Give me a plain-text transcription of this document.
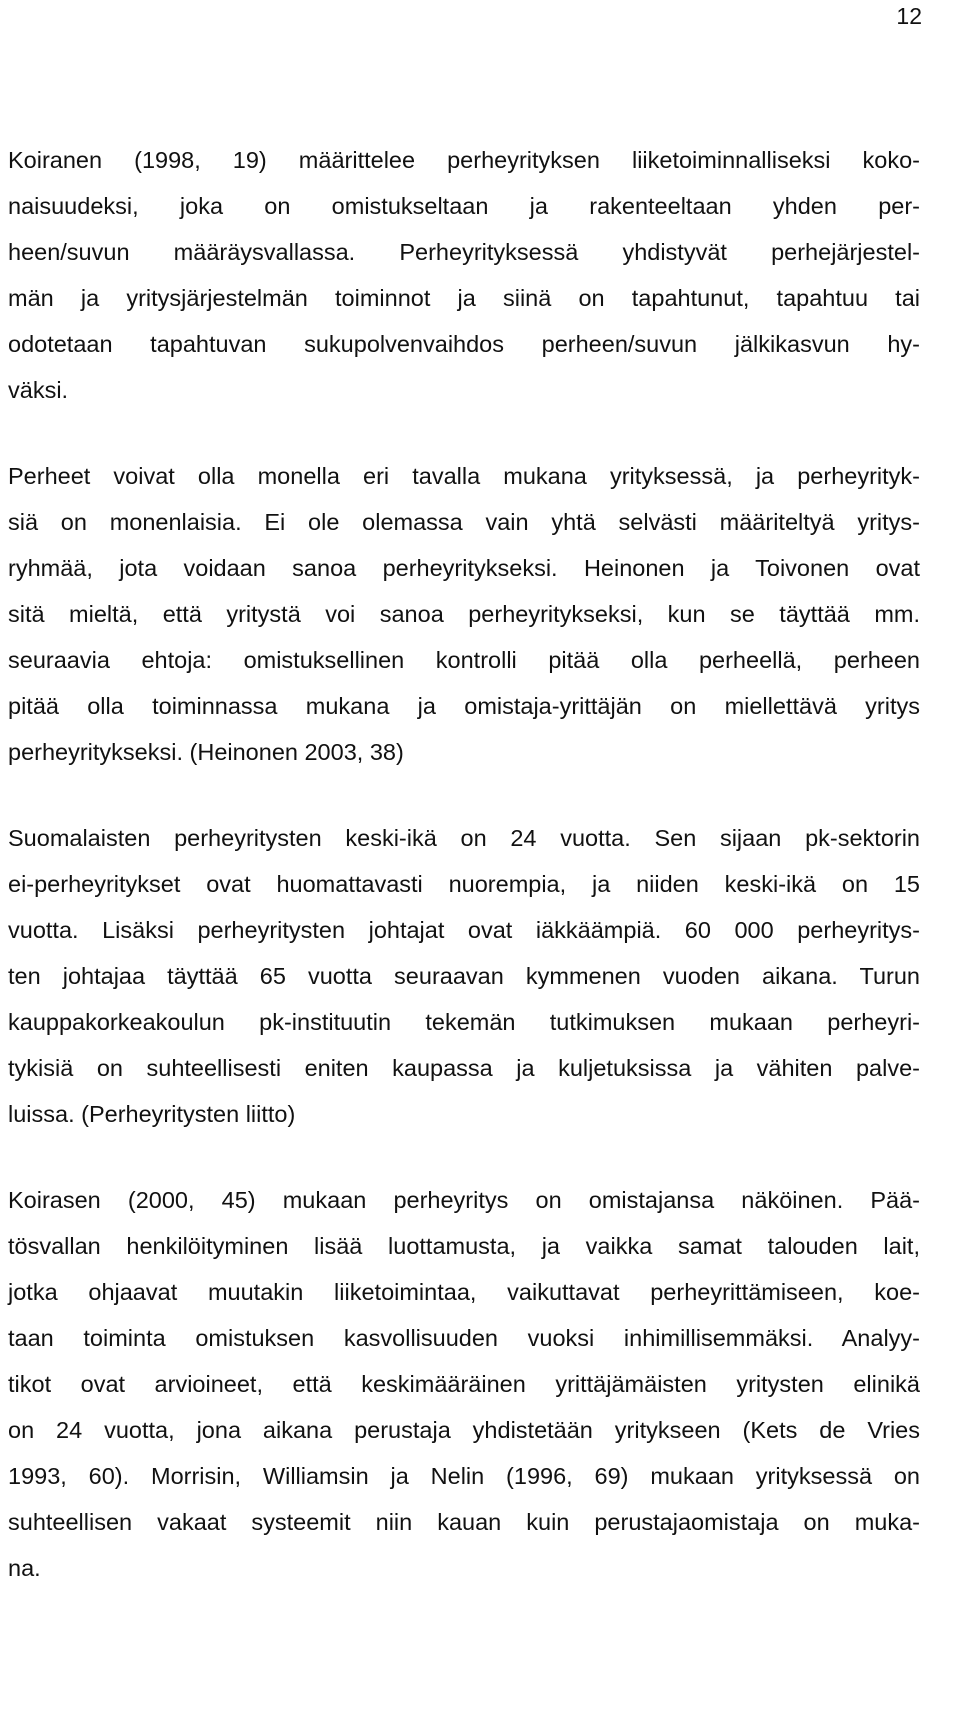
12

Koiranen (1998, 19) määrittelee perheyrityksen liiketoiminnalliseksi koko-
naisuudeksi, joka on omistukseltaan ja rakenteeltaan yhden per-
heen/suvun määräysvallassa. Perheyrityksessä yhdistyvät perhejärjestel-
män ja yritysjärjestelmän toiminnot ja siinä on tapahtunut, tapahtuu tai
odotetaan tapahtuvan sukupolvenvaihdos perheen/suvun jälkikasvun hy-
väksi.

Perheet voivat olla monella eri tavalla mukana yrityksessä, ja perheyrityk-
siä on monenlaisia. Ei ole olemassa vain yhtä selvästi määriteltyä yritys-
ryhmää, jota voidaan sanoa perheyritykseksi. Heinonen ja Toivonen ovat
sitä mieltä, että yritystä voi sanoa perheyritykseksi, kun se täyttää mm.
seuraavia ehtoja: omistuksellinen kontrolli pitää olla perheellä, perheen
pitää olla toiminnassa mukana ja omistaja-yrittäjän on miellettävä yritys
perheyritykseksi. (Heinonen 2003, 38)

Suomalaisten perheyritysten keski-ikä on 24 vuotta. Sen sijaan pk-sektorin
ei-perheyritykset ovat huomattavasti nuorempia, ja niiden keski-ikä on 15
vuotta. Lisäksi perheyritysten johtajat ovat iäkkäämpiä. 60 000 perheyritys-
ten johtajaa täyttää 65 vuotta seuraavan kymmenen vuoden aikana. Turun
kauppakorkeakoulun pk-instituutin tekemän tutkimuksen mukaan perheyri-
tykisiä on suhteellisesti eniten kaupassa ja kuljetuksissa ja vähiten palve-
luissa. (Perheyritysten liitto)

Koirasen (2000, 45) mukaan perheyritys on omistajansa näköinen. Pää-
tösvallan henkilöityminen lisää luottamusta, ja vaikka samat talouden lait,
jotka ohjaavat muutakin liiketoimintaa, vaikuttavat perheyrittämiseen, koe-
taan toiminta omistuksen kasvollisuuden vuoksi inhimillisemmäksi. Analyy-
tikot ovat arvioineet, että keskimääräinen yrittäjämäisten yritysten elinikä
on 24 vuotta, jona aikana perustaja yhdistetään yritykseen (Kets de Vries
1993, 60). Morrisin, Williamsin ja Nelin (1996, 69) mukaan yrityksessä on
suhteellisen vakaat systeemit niin kauan kuin perustajaomistaja on muka-
na.
